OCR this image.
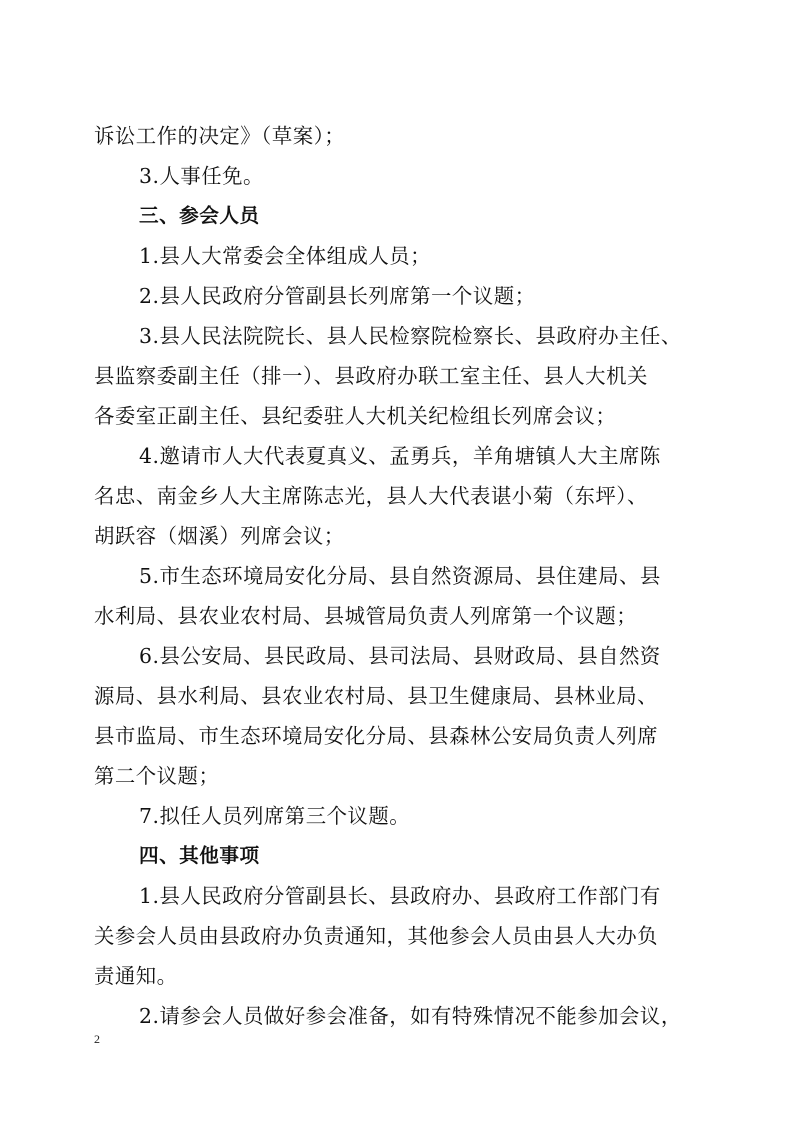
诉讼工作的决定》（草案）；
3.人事任免。
三、参会人员
1.县人大常委会全体组成人员；
2.县人民政府分管副县长列席第一个议题；
3.县人民法院院长、县人民检察院检察长、县政府办主任、
县监察委副主任（排一）、县政府办联工室主任、县人大机关
各委室正副主任、县纪委驻人大机关纪检组长列席会议；
4.邀请市人大代表夏真义、孟勇兵，羊角塘镇人大主席陈
名忠、南金乡人大主席陈志光，县人大代表谌小菊（东坪）、
胡跃容（烟溪）列席会议；
5.市生态环境局安化分局、县自然资源局、县住建局、县
水利局、县农业农村局、县城管局负责人列席第一个议题；
6.县公安局、县民政局、县司法局、县财政局、县自然资
源局、县水利局、县农业农村局、县卫生健康局、县林业局、
县市监局、市生态环境局安化分局、县森林公安局负责人列席
第二个议题；
7.拟任人员列席第三个议题。
四、其他事项
1.县人民政府分管副县长、县政府办、县政府工作部门有
关参会人员由县政府办负责通知，其他参会人员由县人大办负
责通知。
2.请参会人员做好参会准备，如有特殊情况不能参加会议，
2
